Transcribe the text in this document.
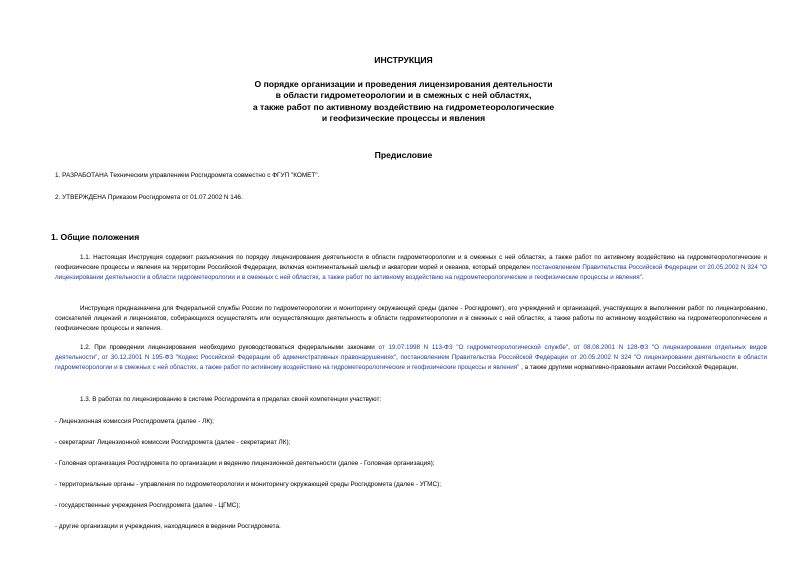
ИНСТРУКЦИЯ
О порядке организации и проведения лицензирования деятельности
в области гидрометеорологии и в смежных с ней областях,
а также работ по активному воздействию на гидрометеорологические
и геофизические процессы и явления
Предисловие
1. РАЗРАБОТАНА Техническим управлением Росгидромета совместно с ФГУП "КОМЕТ".
2. УТВЕРЖДЕНА Приказом Росгидромета от 01.07.2002 N 146.
1. Общие положения
1.1. Настоящая Инструкция содержит разъяснения по порядку лицензирования деятельности в области гидрометеорологии и в смежных с ней областях, а также работ по активному воздействию на гидрометеорологические и геофизические процессы и явления на территории Российской Федерации, включая континентальный шельф и акватории морей и океанов, который определен постановлением Правительства Российской Федерации от 20.05.2002 N 324 "О лицензировании деятельности в области гидрометеорологии и в смежных с ней областях, а также работ по активному воздействию на гидрометеорологические и геофизические процессы и явления".
Инструкция предназначена для Федеральной службы России по гидрометеорологии и мониторингу окружающей среды (далее - Росгидромет), его учреждений и организаций, участвующих в выполнении работ по лицензированию, соискателей лицензий и лицензиатов, собирающихся осуществлять или осуществляющих деятельность в области гидрометеорологии и в смежных с ней областях, а также работы по активному воздействию на гидрометеорологические и геофизические процессы и явления.
1.2. При проведении лицензирования необходимо руководствоваться федеральными законами от 19.07.1998 N 113-ФЗ "О гидрометеорологической службе", от 08.08.2001 N 128-ФЗ "О лицензировании отдельных видов деятельности", от 30.12.2001 N 195-ФЗ "Кодекс Российской Федерации об административных правонарушениях", постановлением Правительства Российской Федерации от 20.05.2002 N 324 "О лицензировании деятельности в области гидрометеорологии и в смежных с ней областях, а также работ по активному воздействию на гидрометеорологические и геофизические процессы и явления" , а также другими нормативно-правовыми актами Российской Федерации.
1.3. В работах по лицензированию в системе Росгидромета в пределах своей компетенции участвуют:
- Лицензионная комиссия Росгидромета (далее - ЛК);
- секретариат Лицензионной комиссии Росгидромета (далее - секретариат ЛК);
- Головная организация Росгидромета по организации и ведению лицензионной деятельности (далее - Головная организация);
- территориальные органы - управления по гидрометеорологии и мониторингу окружающей среды Росгидромета (далее - УГМС);
- государственные учреждения Росгидромета (далее - ЦГМС);
- другие организации и учреждения, находящиеся в ведении Росгидромета.
